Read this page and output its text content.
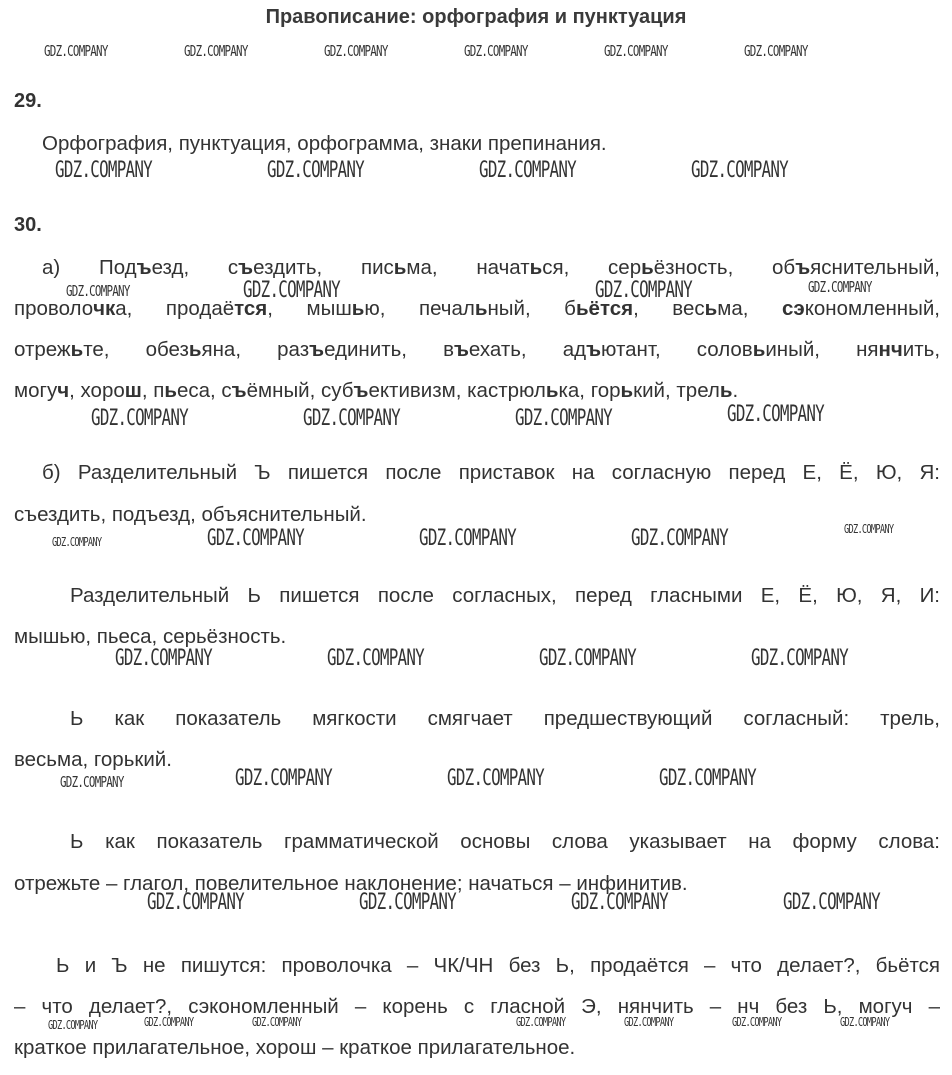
Правописание: орфография и пунктуация
29.
Орфография, пунктуация, орфограмма, знаки препинания.
30.
а) Подъезд, съездить, письма, начаться, серьёзность, объяснительный,
проволочка, продаётся, мышью, печальный, бьётся, весьма, сэкономленный,
отрежьте, обезьяна, разъединить, въехать, адъютант, соловьиный, нянчить,
могуч, хорош, пьеса, съёмный, субъективизм, кастрюлька, горький, трель.
б) Разделительный Ъ пишется после приставок на согласную перед Е, Ё, Ю, Я:
съездить, подъезд, объяснительный.
Разделительный Ь пишется после согласных, перед гласными Е, Ё, Ю, Я, И:
мышью, пьеса, серьёзность.
Ь как показатель мягкости смягчает предшествующий согласный: трель,
весьма, горький.
Ь как показатель грамматической основы слова указывает на форму слова:
отрежьте – глагол, повелительное наклонение; начаться – инфинитив.
Ь и Ъ не пишутся: проволочка – ЧК/ЧН без Ь, продаётся – что делает?, бьётся
– что делает?, сэкономленный – корень с гласной Э, нянчить – нч без Ь, могуч –
краткое прилагательное, хорош – краткое прилагательное.
GDZ.COMPANY	GDZ.COMPANY	GDZ.COMPANY	GDZ.COMPANY	GDZ.COMPANY	GDZ.COMPANY
GDZ.COMPANY	GDZ.COMPANY	GDZ.COMPANY	GDZ.COMPANY
GDZ.COMPANY	GDZ.COMPANY	GDZ.COMPANY	GDZ.COMPANY
GDZ.COMPANY	GDZ.COMPANY	GDZ.COMPANY	GDZ.COMPANY
GDZ.COMPANY	GDZ.COMPANY	GDZ.COMPANY	GDZ.COMPANY	GDZ.COMPANY
GDZ.COMPANY	GDZ.COMPANY	GDZ.COMPANY	GDZ.COMPANY
GDZ.COMPANY	GDZ.COMPANY	GDZ.COMPANY	GDZ.COMPANY
GDZ.COMPANY	GDZ.COMPANY	GDZ.COMPANY	GDZ.COMPANY
GDZ.COMPANY	GDZ.COMPANY	GDZ.COMPANY	GDZ.COMPANY	GDZ.COMPANY	GDZ.COMPANY	GDZ.COMPANY
